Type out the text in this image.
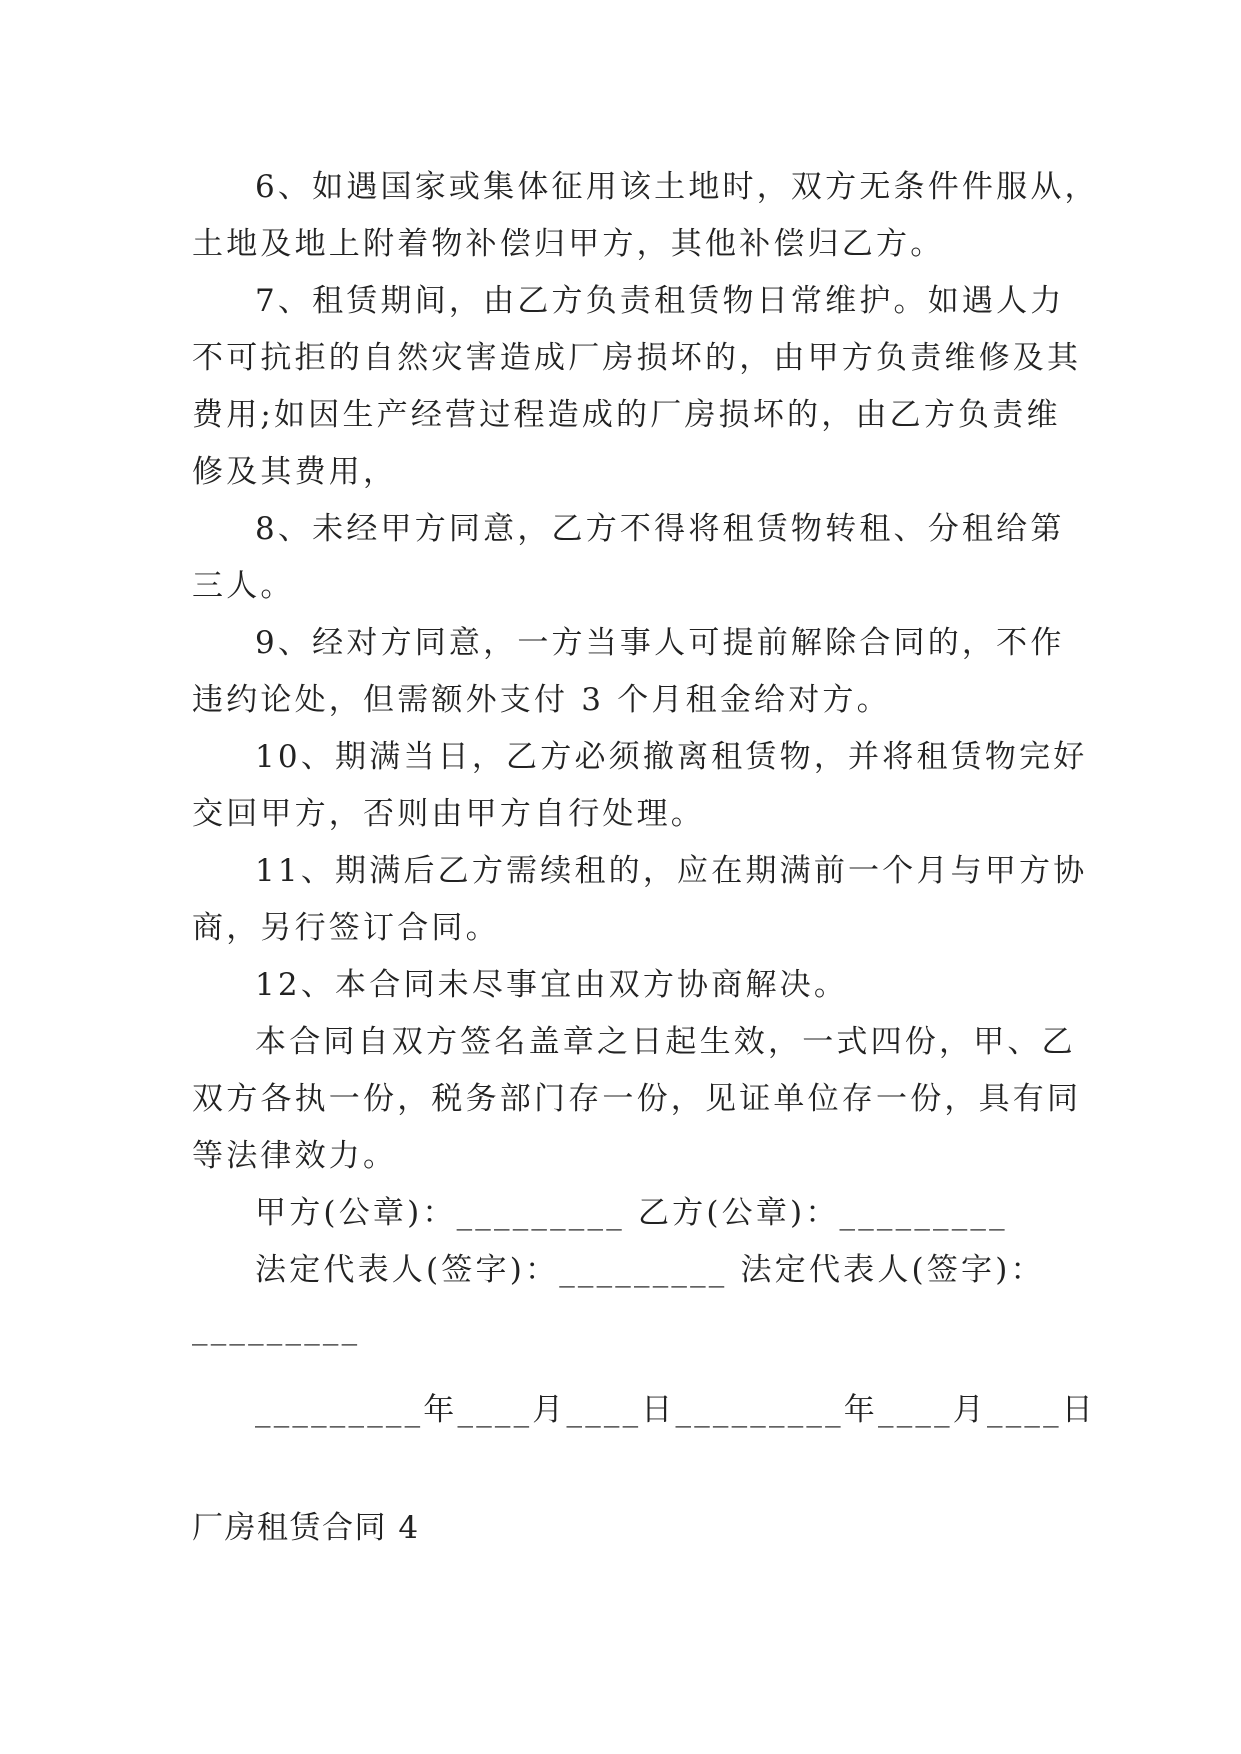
6、如遇国家或集体征用该土地时，双方无条件件服从，
土地及地上附着物补偿归甲方，其他补偿归乙方。
7、租赁期间，由乙方负责租赁物日常维护。如遇人力
不可抗拒的自然灾害造成厂房损坏的，由甲方负责维修及其
费用;如因生产经营过程造成的厂房损坏的，由乙方负责维
修及其费用，
8、未经甲方同意，乙方不得将租赁物转租、分租给第
三人。
9、经对方同意，一方当事人可提前解除合同的，不作
违约论处，但需额外支付 3 个月租金给对方。
10、期满当日，乙方必须撤离租赁物，并将租赁物完好
交回甲方，否则由甲方自行处理。
11、期满后乙方需续租的，应在期满前一个月与甲方协
商，另行签订合同。
12、本合同未尽事宜由双方协商解决。
本合同自双方签名盖章之日起生效，一式四份，甲、乙
双方各执一份，税务部门存一份，见证单位存一份，具有同
等法律效力。
甲方(公章)：_________ 乙方(公章)：_________
法定代表人(签字)：_________ 法定代表人(签字)：
_________
_________年____月____日_________年____月____日
厂房租赁合同 4
